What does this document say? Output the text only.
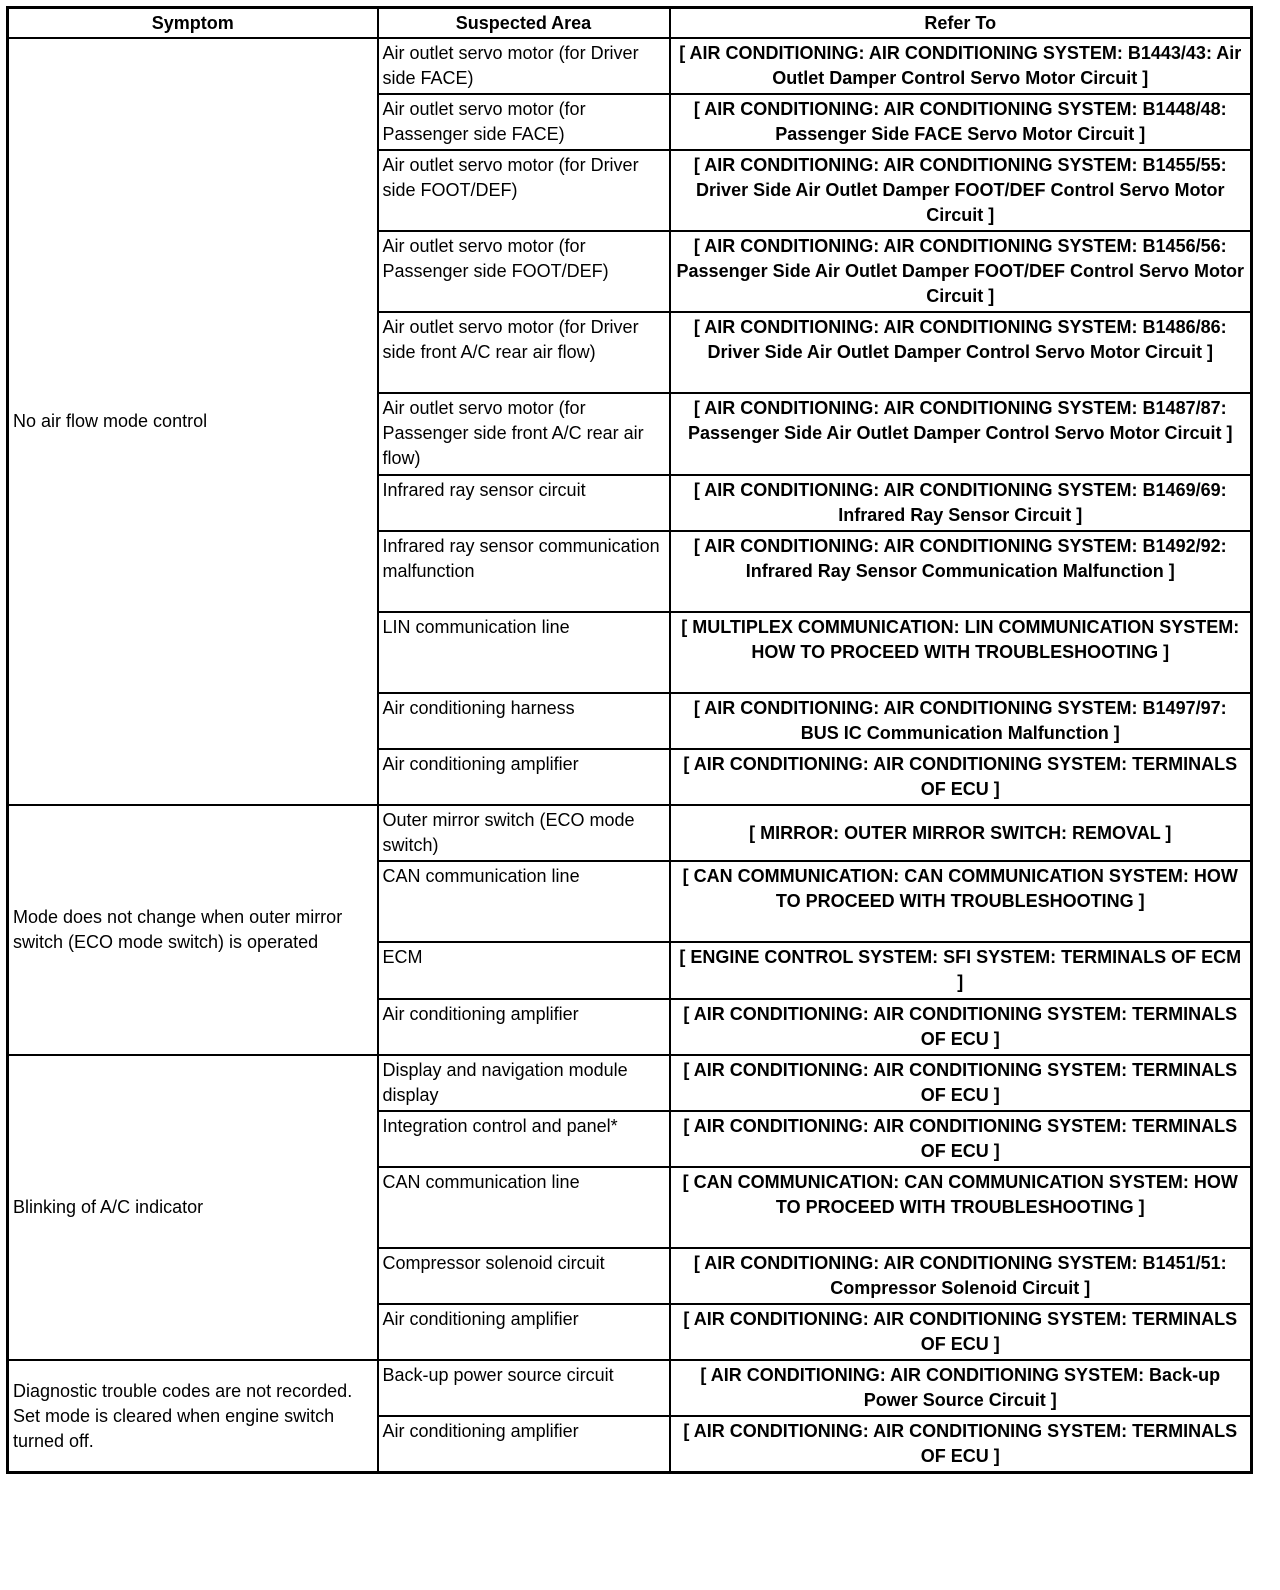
Symptom	Suspected Area	Refer To
No air flow mode control	Air outlet servo motor (for Driver side FACE)	[ AIR CONDITIONING: AIR CONDITIONING SYSTEM: B1443/43: Air Outlet Damper Control Servo Motor Circuit ]
	Air outlet servo motor (for Passenger side FACE)	[ AIR CONDITIONING: AIR CONDITIONING SYSTEM: B1448/48: Passenger Side FACE Servo Motor Circuit ]
	Air outlet servo motor (for Driver side FOOT/DEF)	[ AIR CONDITIONING: AIR CONDITIONING SYSTEM: B1455/55: Driver Side Air Outlet Damper FOOT/DEF Control Servo Motor Circuit ]
	Air outlet servo motor (for Passenger side FOOT/DEF)	[ AIR CONDITIONING: AIR CONDITIONING SYSTEM: B1456/56: Passenger Side Air Outlet Damper FOOT/DEF Control Servo Motor Circuit ]
	Air outlet servo motor (for Driver side front A/C rear air flow)	[ AIR CONDITIONING: AIR CONDITIONING SYSTEM: B1486/86: Driver Side Air Outlet Damper Control Servo Motor Circuit ]
	Air outlet servo motor (for Passenger side front A/C rear air flow)	[ AIR CONDITIONING: AIR CONDITIONING SYSTEM: B1487/87: Passenger Side Air Outlet Damper Control Servo Motor Circuit ]
	Infrared ray sensor circuit	[ AIR CONDITIONING: AIR CONDITIONING SYSTEM: B1469/69: Infrared Ray Sensor Circuit ]
	Infrared ray sensor communication malfunction	[ AIR CONDITIONING: AIR CONDITIONING SYSTEM: B1492/92: Infrared Ray Sensor Communication Malfunction ]
	LIN communication line	[ MULTIPLEX COMMUNICATION: LIN COMMUNICATION SYSTEM: HOW TO PROCEED WITH TROUBLESHOOTING ]
	Air conditioning harness	[ AIR CONDITIONING: AIR CONDITIONING SYSTEM: B1497/97: BUS IC Communication Malfunction ]
	Air conditioning amplifier	[ AIR CONDITIONING: AIR CONDITIONING SYSTEM: TERMINALS OF ECU ]
Mode does not change when outer mirror switch (ECO mode switch) is operated	Outer mirror switch (ECO mode switch)	[ MIRROR: OUTER MIRROR SWITCH: REMOVAL ]
	CAN communication line	[ CAN COMMUNICATION: CAN COMMUNICATION SYSTEM: HOW TO PROCEED WITH TROUBLESHOOTING ]
	ECM	[ ENGINE CONTROL SYSTEM: SFI SYSTEM: TERMINALS OF ECM ]
	Air conditioning amplifier	[ AIR CONDITIONING: AIR CONDITIONING SYSTEM: TERMINALS OF ECU ]
Blinking of A/C indicator	Display and navigation module display	[ AIR CONDITIONING: AIR CONDITIONING SYSTEM: TERMINALS OF ECU ]
	Integration control and panel*	[ AIR CONDITIONING: AIR CONDITIONING SYSTEM: TERMINALS OF ECU ]
	CAN communication line	[ CAN COMMUNICATION: CAN COMMUNICATION SYSTEM: HOW TO PROCEED WITH TROUBLESHOOTING ]
	Compressor solenoid circuit	[ AIR CONDITIONING: AIR CONDITIONING SYSTEM: B1451/51: Compressor Solenoid Circuit ]
	Air conditioning amplifier	[ AIR CONDITIONING: AIR CONDITIONING SYSTEM: TERMINALS OF ECU ]
Diagnostic trouble codes are not recorded. Set mode is cleared when engine switch turned off.	Back-up power source circuit	[ AIR CONDITIONING: AIR CONDITIONING SYSTEM: Back-up Power Source Circuit ]
	Air conditioning amplifier	[ AIR CONDITIONING: AIR CONDITIONING SYSTEM: TERMINALS OF ECU ]
